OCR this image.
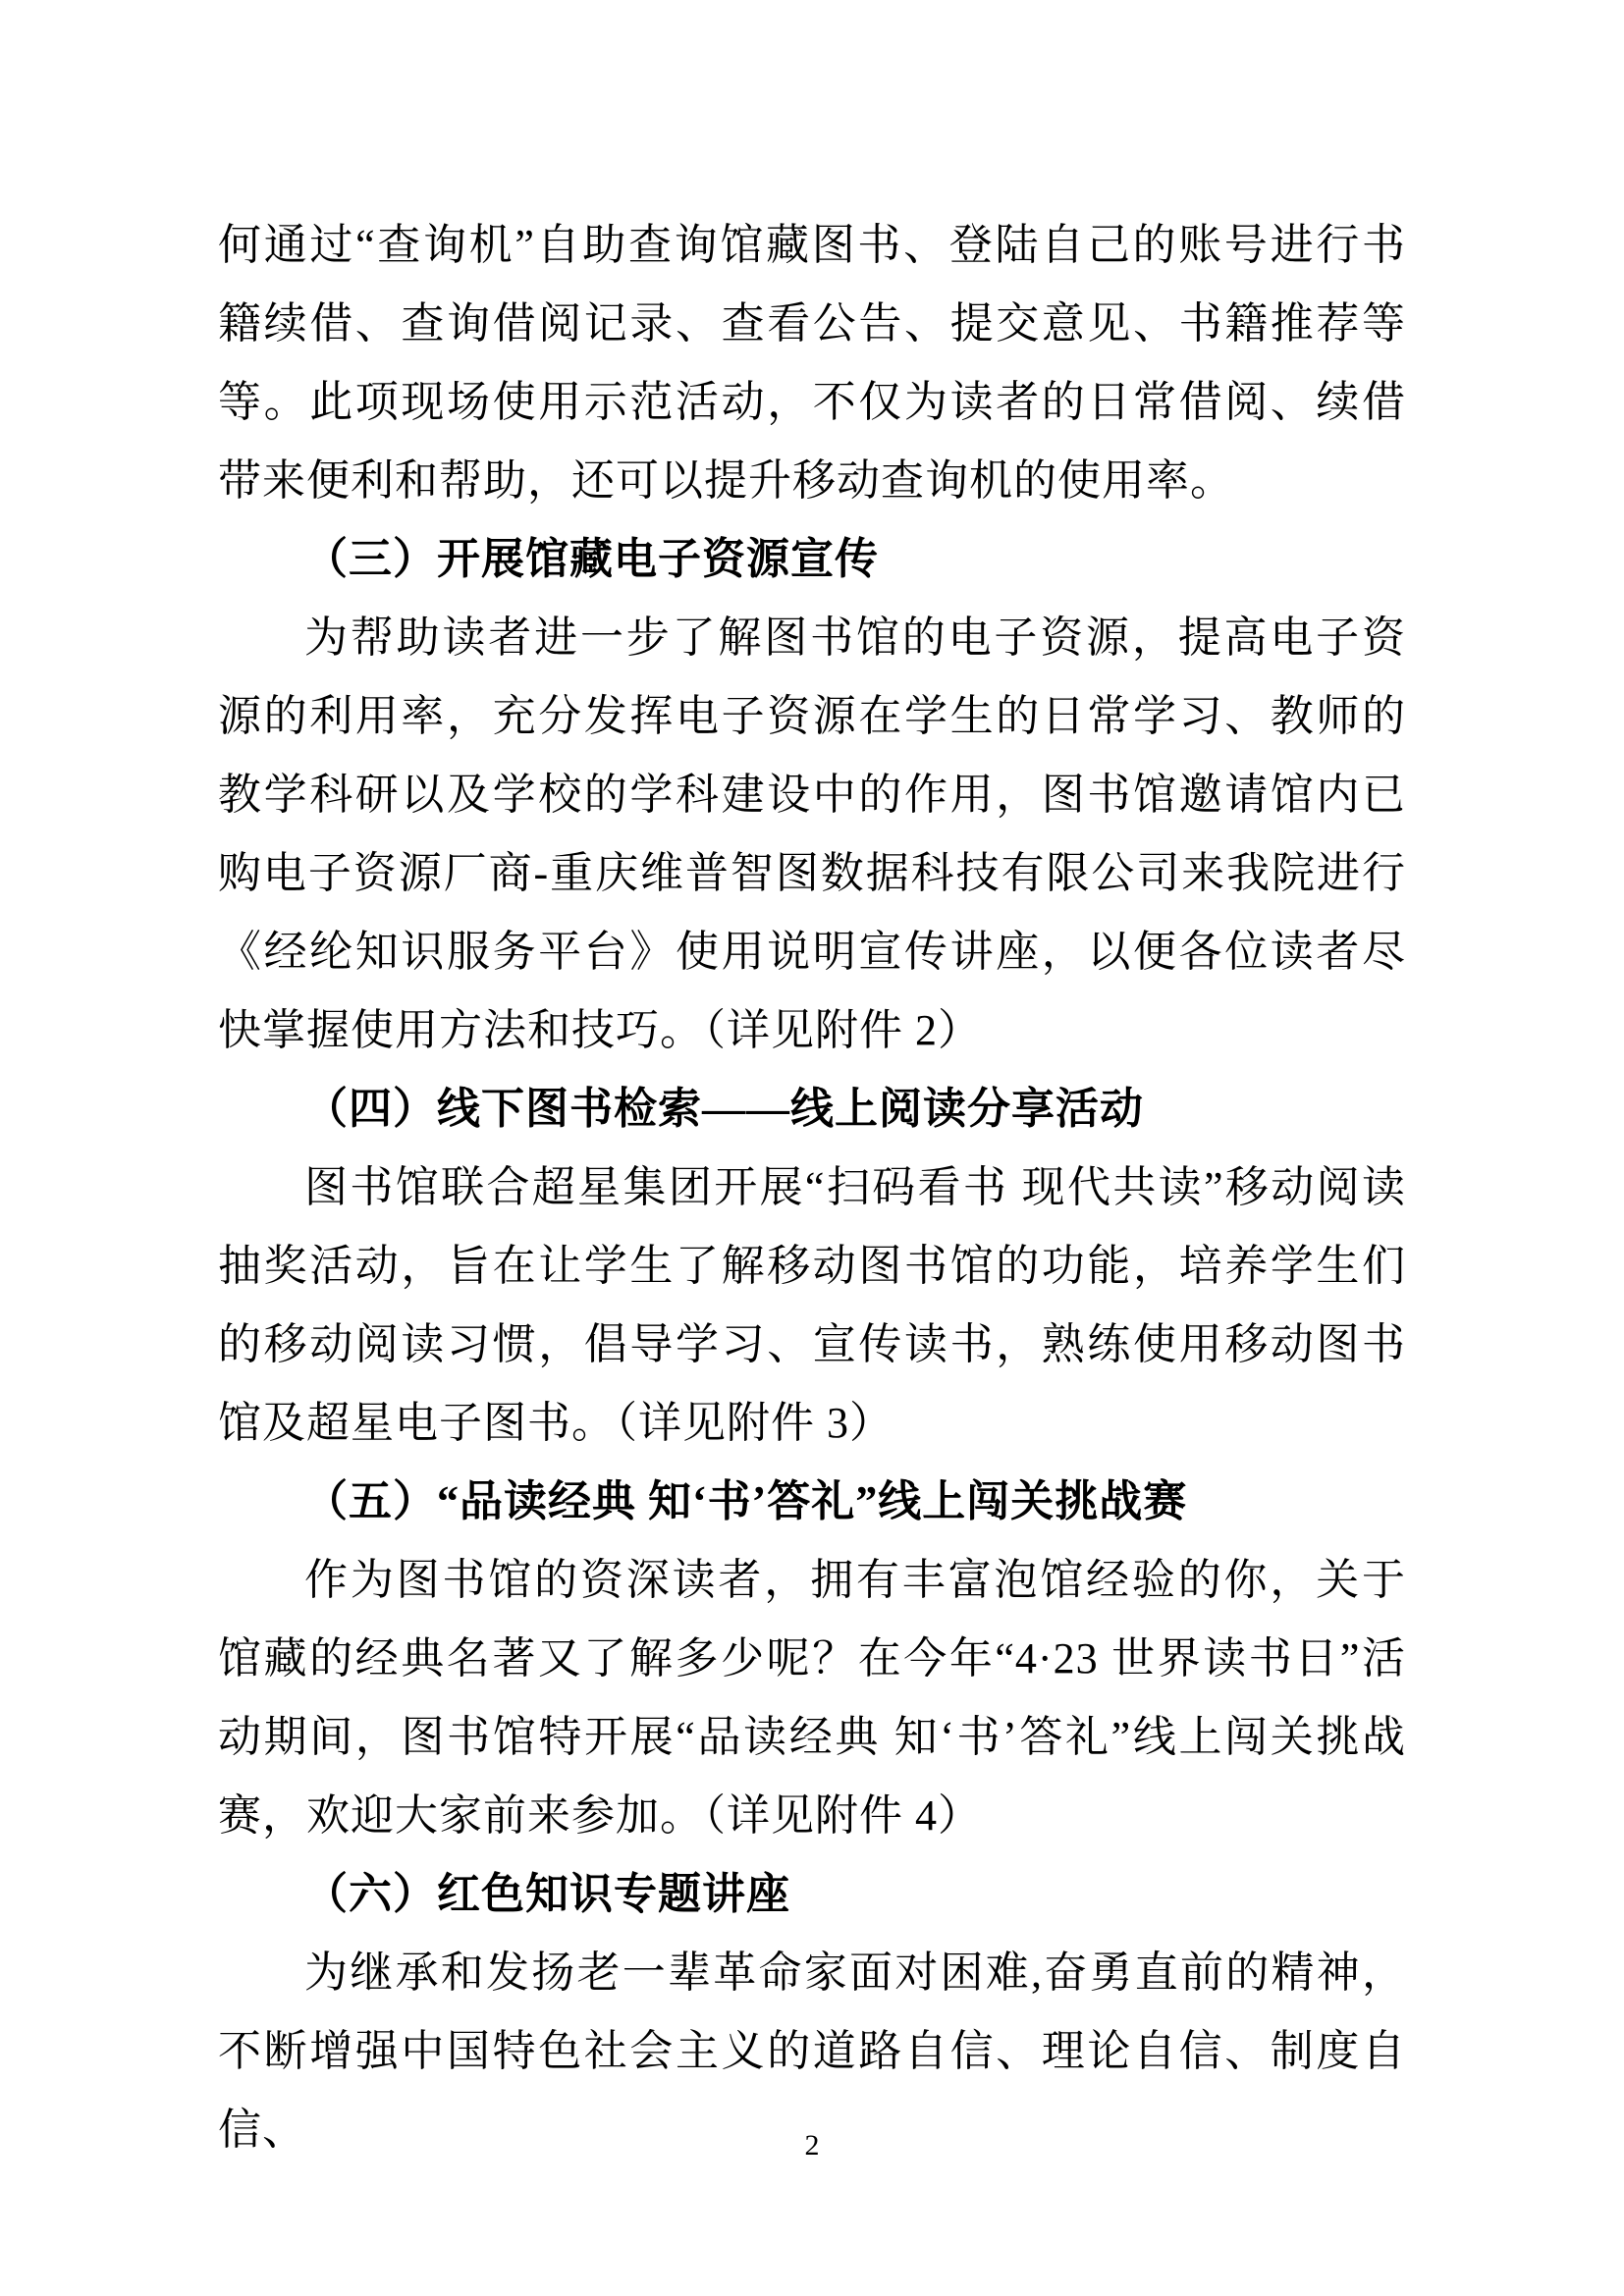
何通过“查询机”自助查询馆藏图书、登陆自己的账号进行书籍续借、查询借阅记录、查看公告、提交意见、书籍推荐等等。此项现场使用示范活动，不仅为读者的日常借阅、续借带来便利和帮助，还可以提升移动查询机的使用率。

（三）开展馆藏电子资源宣传

为帮助读者进一步了解图书馆的电子资源，提高电子资源的利用率，充分发挥电子资源在学生的日常学习、教师的教学科研以及学校的学科建设中的作用，图书馆邀请馆内已购电子资源厂商-重庆维普智图数据科技有限公司来我院进行《经纶知识服务平台》使用说明宣传讲座，以便各位读者尽快掌握使用方法和技巧。（详见附件 2）

（四）线下图书检索——线上阅读分享活动

图书馆联合超星集团开展“扫码看书 现代共读”移动阅读抽奖活动，旨在让学生了解移动图书馆的功能，培养学生们的移动阅读习惯，倡导学习、宣传读书，熟练使用移动图书馆及超星电子图书。（详见附件 3）

（五）“品读经典 知‘书’答礼”线上闯关挑战赛

作为图书馆的资深读者，拥有丰富泡馆经验的你，关于馆藏的经典名著又了解多少呢？在今年“4·23 世界读书日”活动期间，图书馆特开展“品读经典 知‘书’答礼”线上闯关挑战赛，欢迎大家前来参加。（详见附件 4）

（六）红色知识专题讲座

为继承和发扬老一辈革命家面对困难,奋勇直前的精神，不断增强中国特色社会主义的道路自信、理论自信、制度自信、	2
